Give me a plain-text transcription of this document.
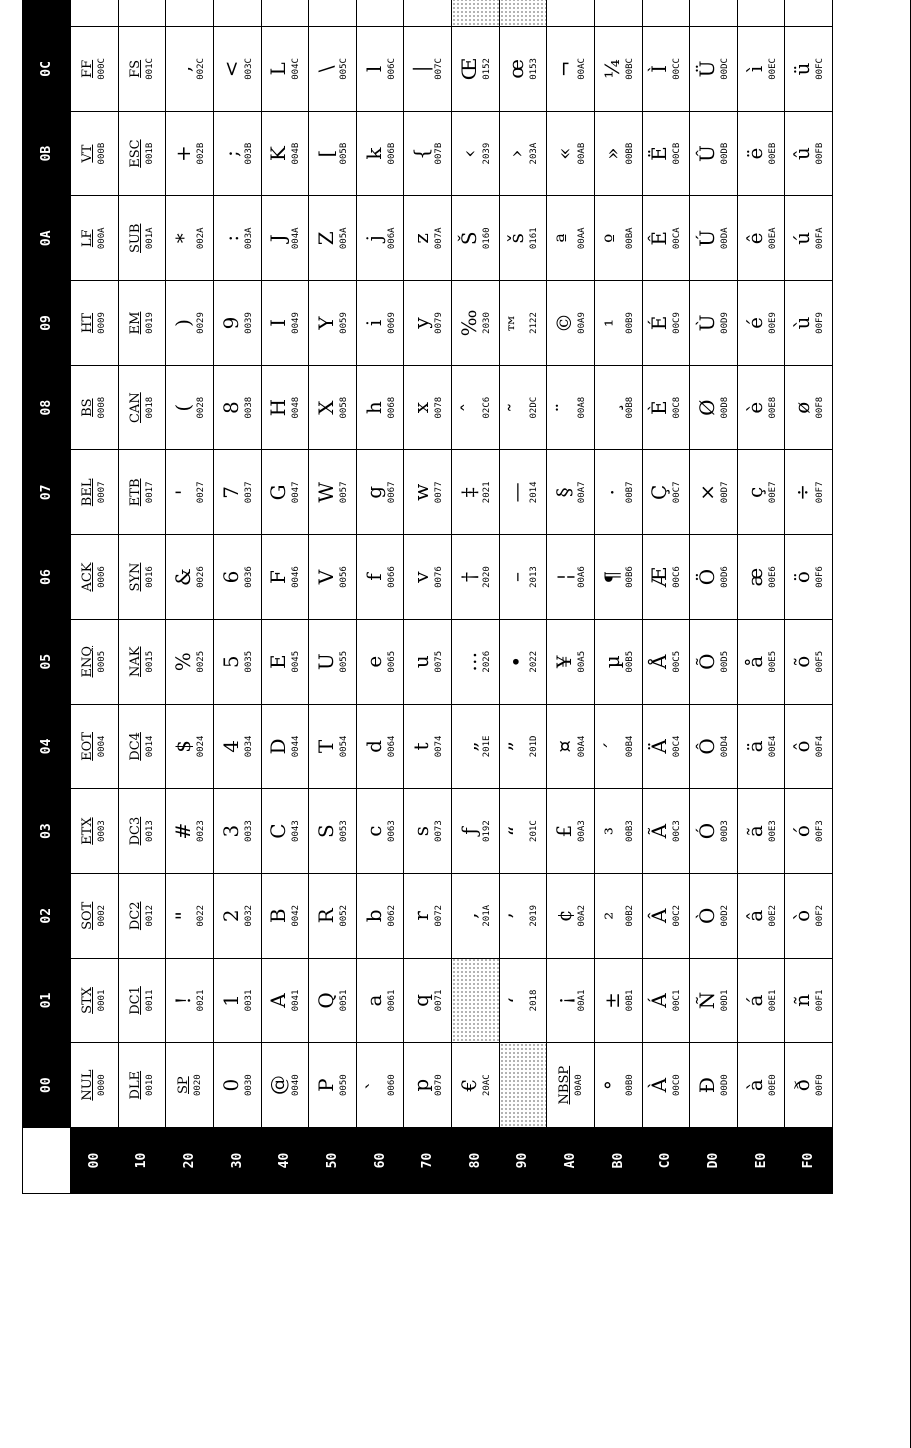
00
01
02
03
04
05
06
07
08
09
0A
0B
0C
00
NUL 0000
STX 0001
SOT 0002
ETX 0003
EOT 0004
ENQ 0005
ACK 0006
BEL 0007
BS 0008
HT 0009
LF 000A
VT 000B
FF 000C
10
DLE 0010
DC1 0011
DC2 0012
DC3 0013
DC4 0014
NAK 0015
SYN 0016
ETB 0017
CAN 0018
EM 0019
SUB 001A
ESC 001B
FS 001C
20
SP 0020
! 0021
" 0022
# 0023
$ 0024
% 0025
& 0026
' 0027
( 0028
) 0029
* 002A
+ 002B
, 002C
30
0 0030
1 0031
2 0032
3 0033
4 0034
5 0035
6 0036
7 0037
8 0038
9 0039
: 003A
; 003B
< 003C
40
@ 0040
A 0041
B 0042
C 0043
D 0044
E 0045
F 0046
G 0047
H 0048
I 0049
J 004A
K 004B
L 004C
50
P 0050
Q 0051
R 0052
S 0053
T 0054
U 0055
V 0056
W 0057
X 0058
Y 0059
Z 005A
[ 005B
\ 005C
60
` 0060
a 0061
b 0062
c 0063
d 0064
e 0065
f 0066
g 0067
h 0068
i 0069
j 006A
k 006B
l 006C
70
p 0070
q 0071
r 0072
s 0073
t 0074
u 0075
v 0076
w 0077
x 0078
y 0079
z 007A
{ 007B
| 007C
80
€ 20AC
‚ 201A
ƒ 0192
„ 201E
… 2026
† 2020
‡ 2021
ˆ 02C6
‰ 2030
Š 0160
‹ 2039
Œ 0152
90
‘ 2018
’ 2019
“ 201C
” 201D
• 2022
– 2013
— 2014
˜ 02DC
™ 2122
š 0161
› 203A
œ 0153
A0
NBSP 00A0
¡ 00A1
¢ 00A2
£ 00A3
¤ 00A4
¥ 00A5
¦ 00A6
§ 00A7
¨ 00A8
© 00A9
ª 00AA
« 00AB
¬ 00AC
B0
° 00B0
± 00B1
² 00B2
³ 00B3
´ 00B4
µ 00B5
¶ 00B6
· 00B7
¸ 00B8
¹ 00B9
º 00BA
» 00BB
¼ 00BC
C0
À 00C0
Á 00C1
Â 00C2
Ã 00C3
Ä 00C4
Å 00C5
Æ 00C6
Ç 00C7
È 00C8
É 00C9
Ê 00CA
Ë 00CB
Ì 00CC
D0
Ð 00D0
Ñ 00D1
Ò 00D2
Ó 00D3
Ô 00D4
Õ 00D5
Ö 00D6
× 00D7
Ø 00D8
Ù 00D9
Ú 00DA
Û 00DB
Ü 00DC
E0
à 00E0
á 00E1
â 00E2
ã 00E3
ä 00E4
å 00E5
æ 00E6
ç 00E7
è 00E8
é 00E9
ê 00EA
ë 00EB
ì 00EC
F0
ð 00F0
ñ 00F1
ò 00F2
ó 00F3
ô 00F4
õ 00F5
ö 00F6
÷ 00F7
ø 00F8
ù 00F9
ú 00FA
û 00FB
ü 00FC
